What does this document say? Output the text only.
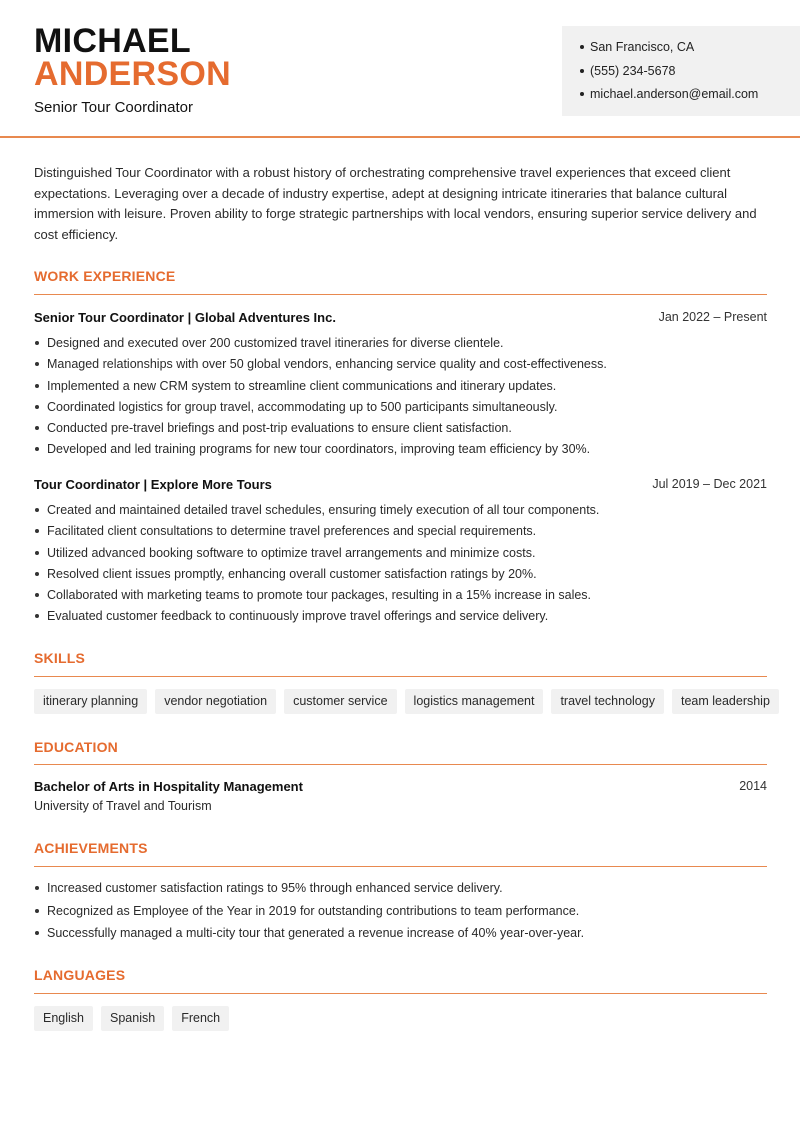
MICHAEL
ANDERSON
Senior Tour Coordinator
San Francisco, CA
(555) 234-5678
michael.anderson@email.com
Distinguished Tour Coordinator with a robust history of orchestrating comprehensive travel experiences that exceed client expectations. Leveraging over a decade of industry expertise, adept at designing intricate itineraries that balance cultural immersion with leisure. Proven ability to forge strategic partnerships with local vendors, ensuring superior service delivery and cost efficiency.
WORK EXPERIENCE
Senior Tour Coordinator | Global Adventures Inc.	Jan 2022 – Present
Designed and executed over 200 customized travel itineraries for diverse clientele.
Managed relationships with over 50 global vendors, enhancing service quality and cost-effectiveness.
Implemented a new CRM system to streamline client communications and itinerary updates.
Coordinated logistics for group travel, accommodating up to 500 participants simultaneously.
Conducted pre-travel briefings and post-trip evaluations to ensure client satisfaction.
Developed and led training programs for new tour coordinators, improving team efficiency by 30%.
Tour Coordinator | Explore More Tours	Jul 2019 – Dec 2021
Created and maintained detailed travel schedules, ensuring timely execution of all tour components.
Facilitated client consultations to determine travel preferences and special requirements.
Utilized advanced booking software to optimize travel arrangements and minimize costs.
Resolved client issues promptly, enhancing overall customer satisfaction ratings by 20%.
Collaborated with marketing teams to promote tour packages, resulting in a 15% increase in sales.
Evaluated customer feedback to continuously improve travel offerings and service delivery.
SKILLS
itinerary planning	vendor negotiation	customer service	logistics management	travel technology	team leadership
EDUCATION
Bachelor of Arts in Hospitality Management	2014
University of Travel and Tourism
ACHIEVEMENTS
Increased customer satisfaction ratings to 95% through enhanced service delivery.
Recognized as Employee of the Year in 2019 for outstanding contributions to team performance.
Successfully managed a multi-city tour that generated a revenue increase of 40% year-over-year.
LANGUAGES
English	Spanish	French
